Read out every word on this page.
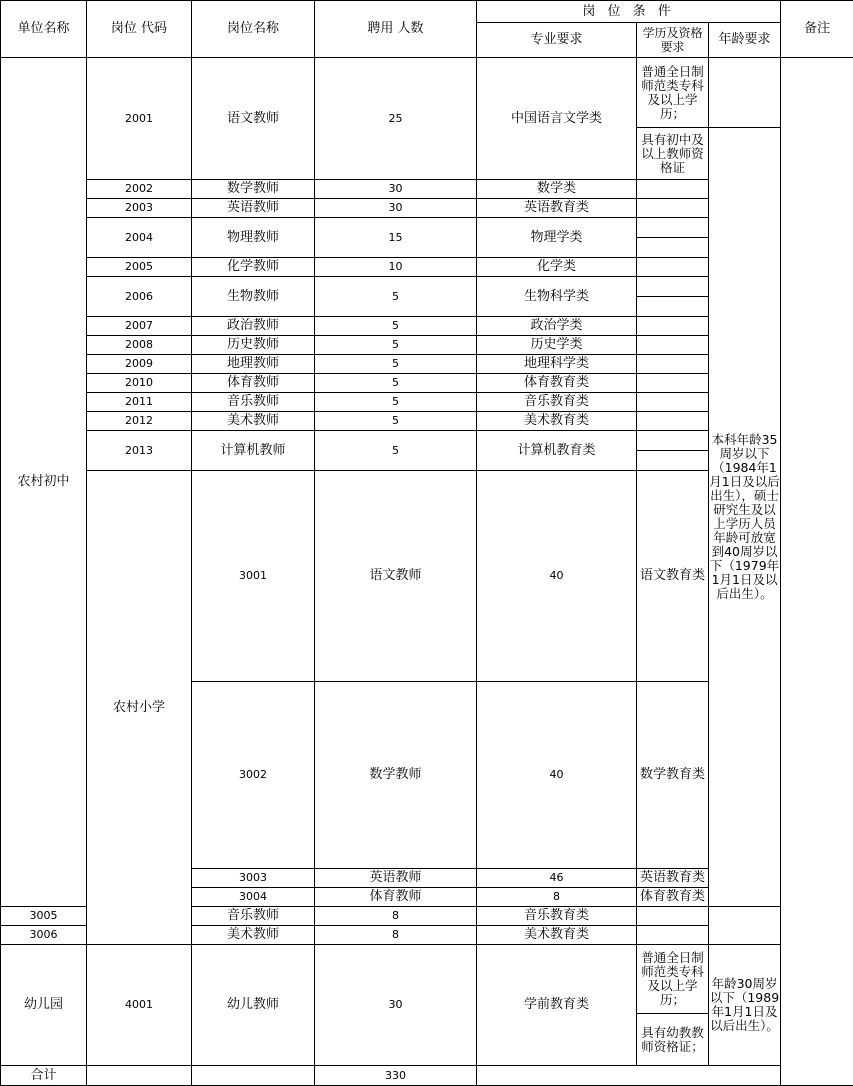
单位名称	岗位 代码	岗位名称	聘用 人数	岗 位 条 件			备注	
				专业要求	学历及资格要求	年龄要求		
农村初中	2001	语文教师	25	中国语言文学类	普通全日制师范类专科及以上学历；			
					具有初中及以上教师资格证	本科年龄35周岁以下（1984年1月1日及以后出生），硕士研究生及以上学历人员年龄可放宽到40周岁以下（1979年1月1日及以后出生）。		
	2002	数学教师	30	数学类				
	2003	英语教师	30	英语教育类				
	2004	物理教师	15	物理学类				

	2005	化学教师	10	化学类				
	2006	生物教师	5	生物科学类				

	2007	政治教师	5	政治学类				
	2008	历史教师	5	历史学类				
	2009	地理教师	5	地理科学类				
	2010	体育教师	5	体育教育类				
	2011	音乐教师	5	音乐教育类				
	2012	美术教师	5	美术教育类				
	2013	计算机教师	5	计算机教育类				

	农村小学	3001	语文教师	40	语文教育类	
		3002	数学教师	40	数学教育类		

		3003	英语教师	46	英语教育类			
		3004	体育教师	8	体育教育类			
3005		音乐教师	8	音乐教育类				
3006		美术教师	8	美术教育类				
幼儿园	4001	幼儿教师	30	学前教育类	普通全日制师范类专科及以上学历；	年龄30周岁以下（1989年1月1日及以后出生）。	
					具有幼教教师资格证；			
合计			330					
